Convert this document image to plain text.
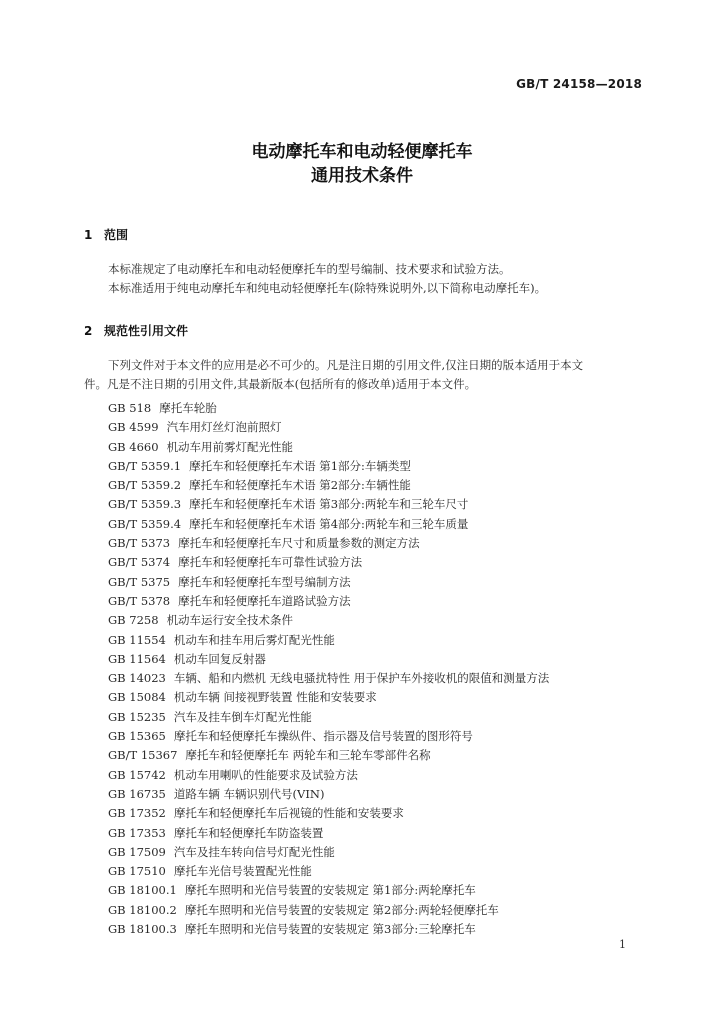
GB/T 24158—2018
电动摩托车和电动轻便摩托车
通用技术条件
1 范围
本标准规定了电动摩托车和电动轻便摩托车的型号编制、技术要求和试验方法。
本标准适用于纯电动摩托车和纯电动轻便摩托车(除特殊说明外,以下简称电动摩托车)。
2 规范性引用文件
下列文件对于本文件的应用是必不可少的。凡是注日期的引用文件,仅注日期的版本适用于本文
件。凡是不注日期的引用文件,其最新版本(包括所有的修改单)适用于本文件。
GB 518 摩托车轮胎
GB 4599 汽车用灯丝灯泡前照灯
GB 4660 机动车用前雾灯配光性能
GB/T 5359.1 摩托车和轻便摩托车术语 第1部分:车辆类型
GB/T 5359.2 摩托车和轻便摩托车术语 第2部分:车辆性能
GB/T 5359.3 摩托车和轻便摩托车术语 第3部分:两轮车和三轮车尺寸
GB/T 5359.4 摩托车和轻便摩托车术语 第4部分:两轮车和三轮车质量
GB/T 5373 摩托车和轻便摩托车尺寸和质量参数的测定方法
GB/T 5374 摩托车和轻便摩托车可靠性试验方法
GB/T 5375 摩托车和轻便摩托车型号编制方法
GB/T 5378 摩托车和轻便摩托车道路试验方法
GB 7258 机动车运行安全技术条件
GB 11554 机动车和挂车用后雾灯配光性能
GB 11564 机动车回复反射器
GB 14023 车辆、船和内燃机 无线电骚扰特性 用于保护车外接收机的限值和测量方法
GB 15084 机动车辆 间接视野装置 性能和安装要求
GB 15235 汽车及挂车倒车灯配光性能
GB 15365 摩托车和轻便摩托车操纵件、指示器及信号装置的图形符号
GB/T 15367 摩托车和轻便摩托车 两轮车和三轮车零部件名称
GB 15742 机动车用喇叭的性能要求及试验方法
GB 16735 道路车辆 车辆识别代号(VIN)
GB 17352 摩托车和轻便摩托车后视镜的性能和安装要求
GB 17353 摩托车和轻便摩托车防盗装置
GB 17509 汽车及挂车转向信号灯配光性能
GB 17510 摩托车光信号装置配光性能
GB 18100.1 摩托车照明和光信号装置的安装规定 第1部分:两轮摩托车
GB 18100.2 摩托车照明和光信号装置的安装规定 第2部分:两轮轻便摩托车
GB 18100.3 摩托车照明和光信号装置的安装规定 第3部分:三轮摩托车
1
